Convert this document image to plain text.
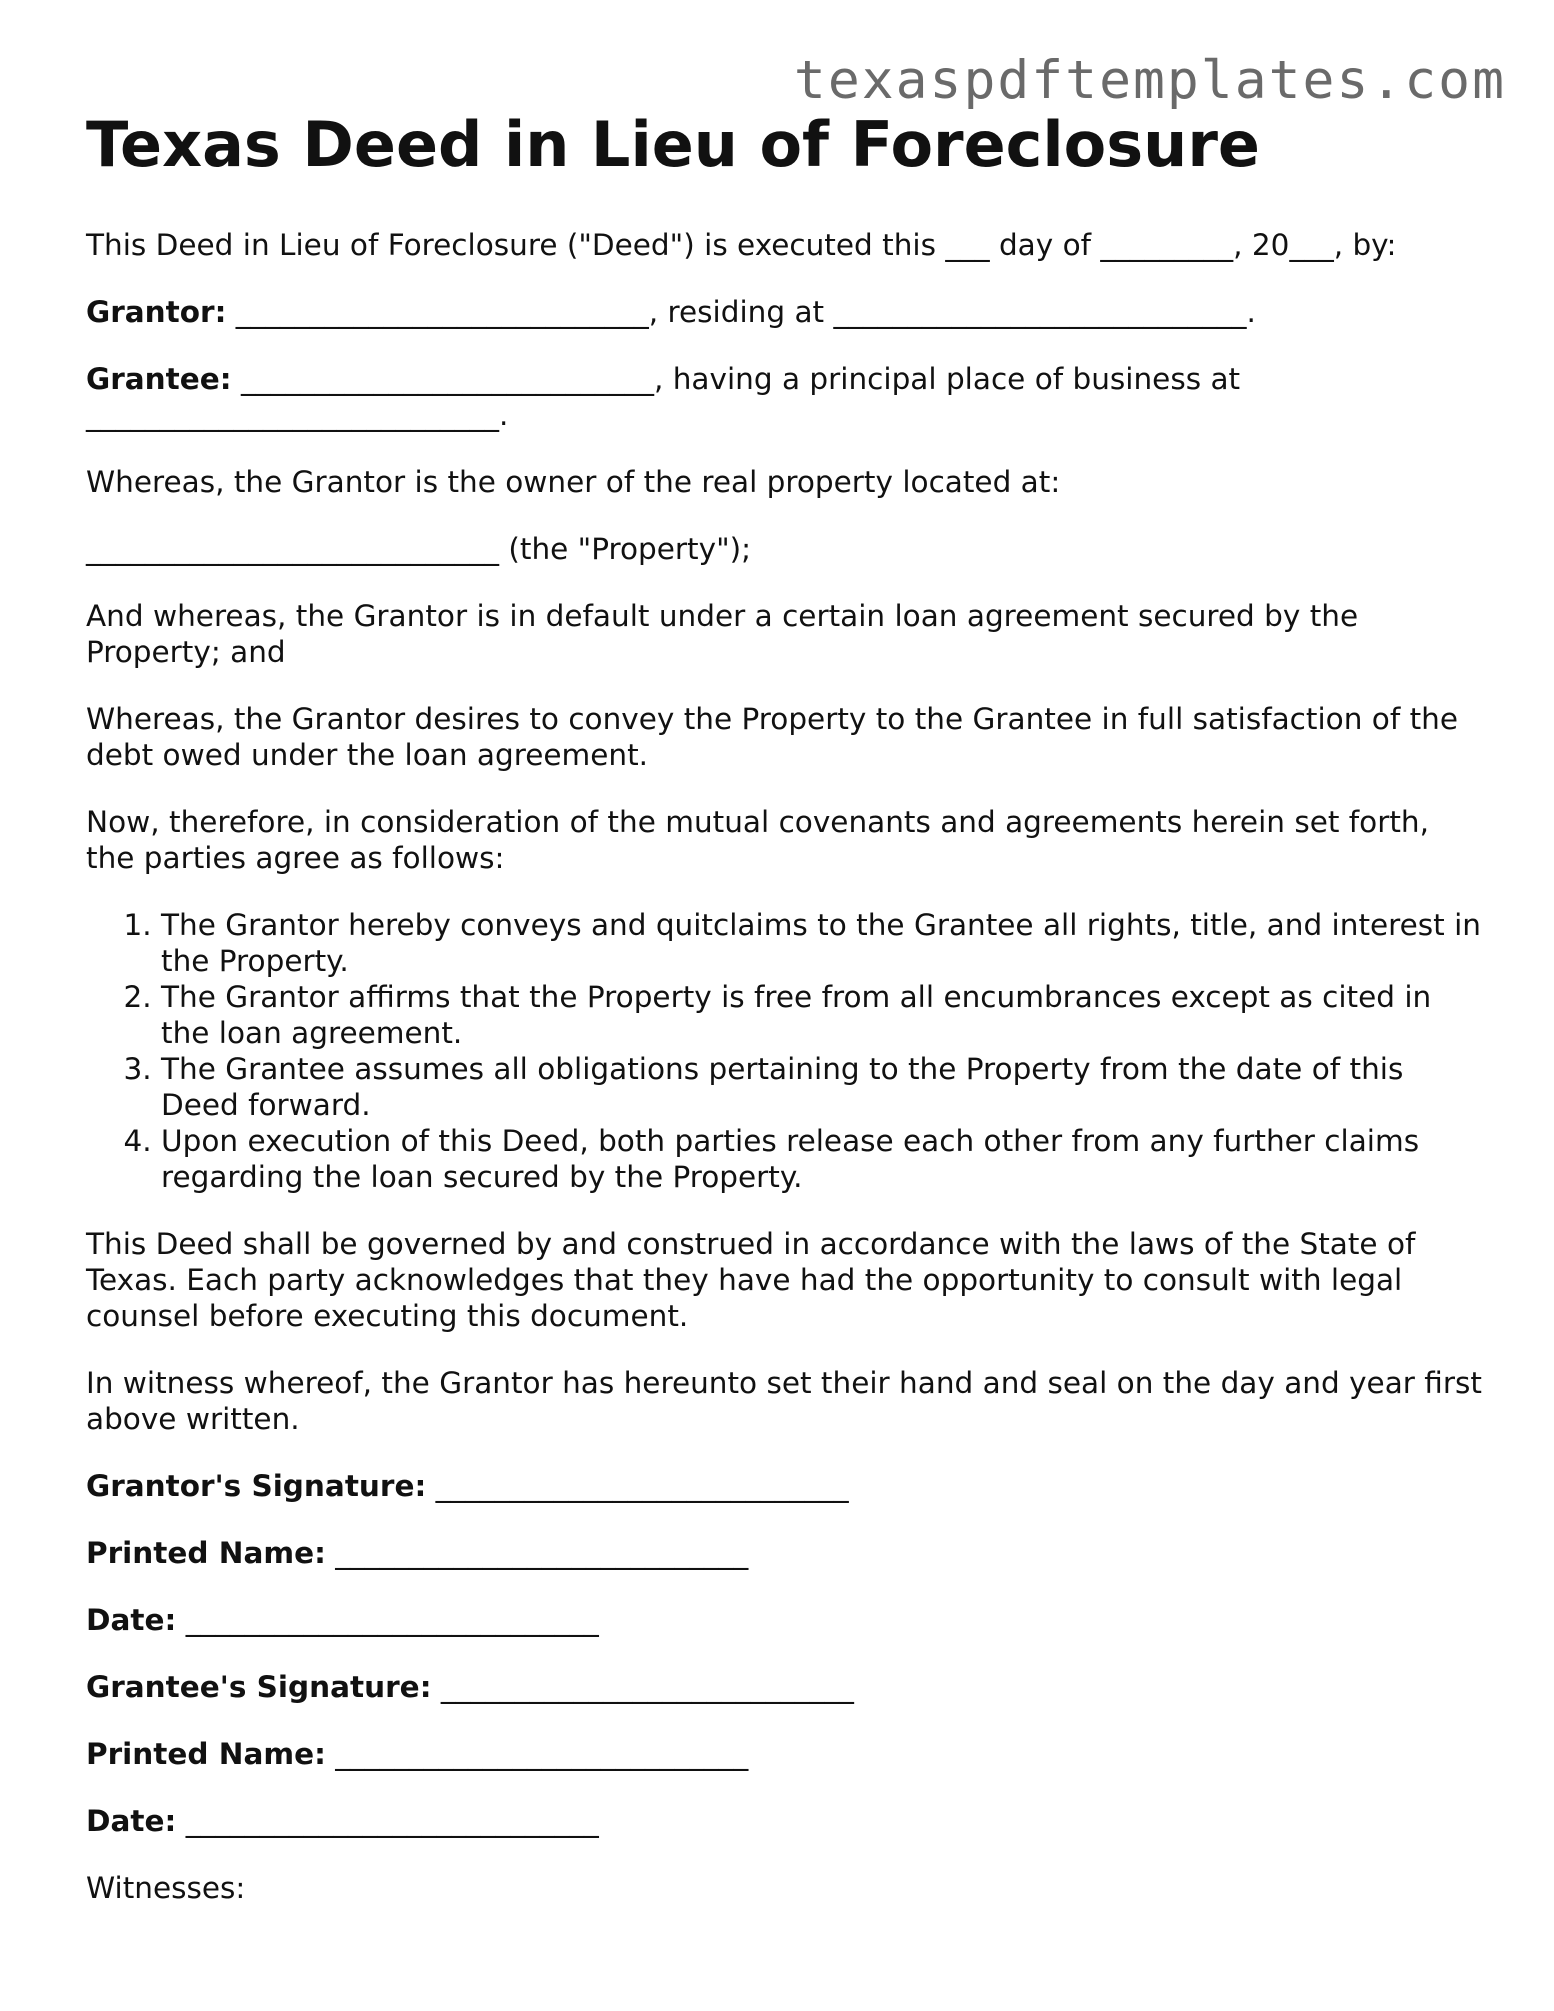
texaspdftemplates.com
Texas Deed in Lieu of Foreclosure

This Deed in Lieu of Foreclosure ("Deed") is executed this ___ day of _________, 20___, by:

Grantor: ____________________________, residing at ____________________________.

Grantee: ____________________________, having a principal place of business at ____________________________.

Whereas, the Grantor is the owner of the real property located at:

____________________________ (the "Property");

And whereas, the Grantor is in default under a certain loan agreement secured by the Property; and

Whereas, the Grantor desires to convey the Property to the Grantee in full satisfaction of the debt owed under the loan agreement.

Now, therefore, in consideration of the mutual covenants and agreements herein set forth, the parties agree as follows:

1. The Grantor hereby conveys and quitclaims to the Grantee all rights, title, and interest in the Property.
2. The Grantor affirms that the Property is free from all encumbrances except as cited in the loan agreement.
3. The Grantee assumes all obligations pertaining to the Property from the date of this Deed forward.
4. Upon execution of this Deed, both parties release each other from any further claims regarding the loan secured by the Property.

This Deed shall be governed by and construed in accordance with the laws of the State of Texas. Each party acknowledges that they have had the opportunity to consult with legal counsel before executing this document.

In witness whereof, the Grantor has hereunto set their hand and seal on the day and year first above written.

Grantor's Signature: ____________________________

Printed Name: ____________________________

Date: ____________________________

Grantee's Signature: ____________________________

Printed Name: ____________________________

Date: ____________________________

Witnesses:
